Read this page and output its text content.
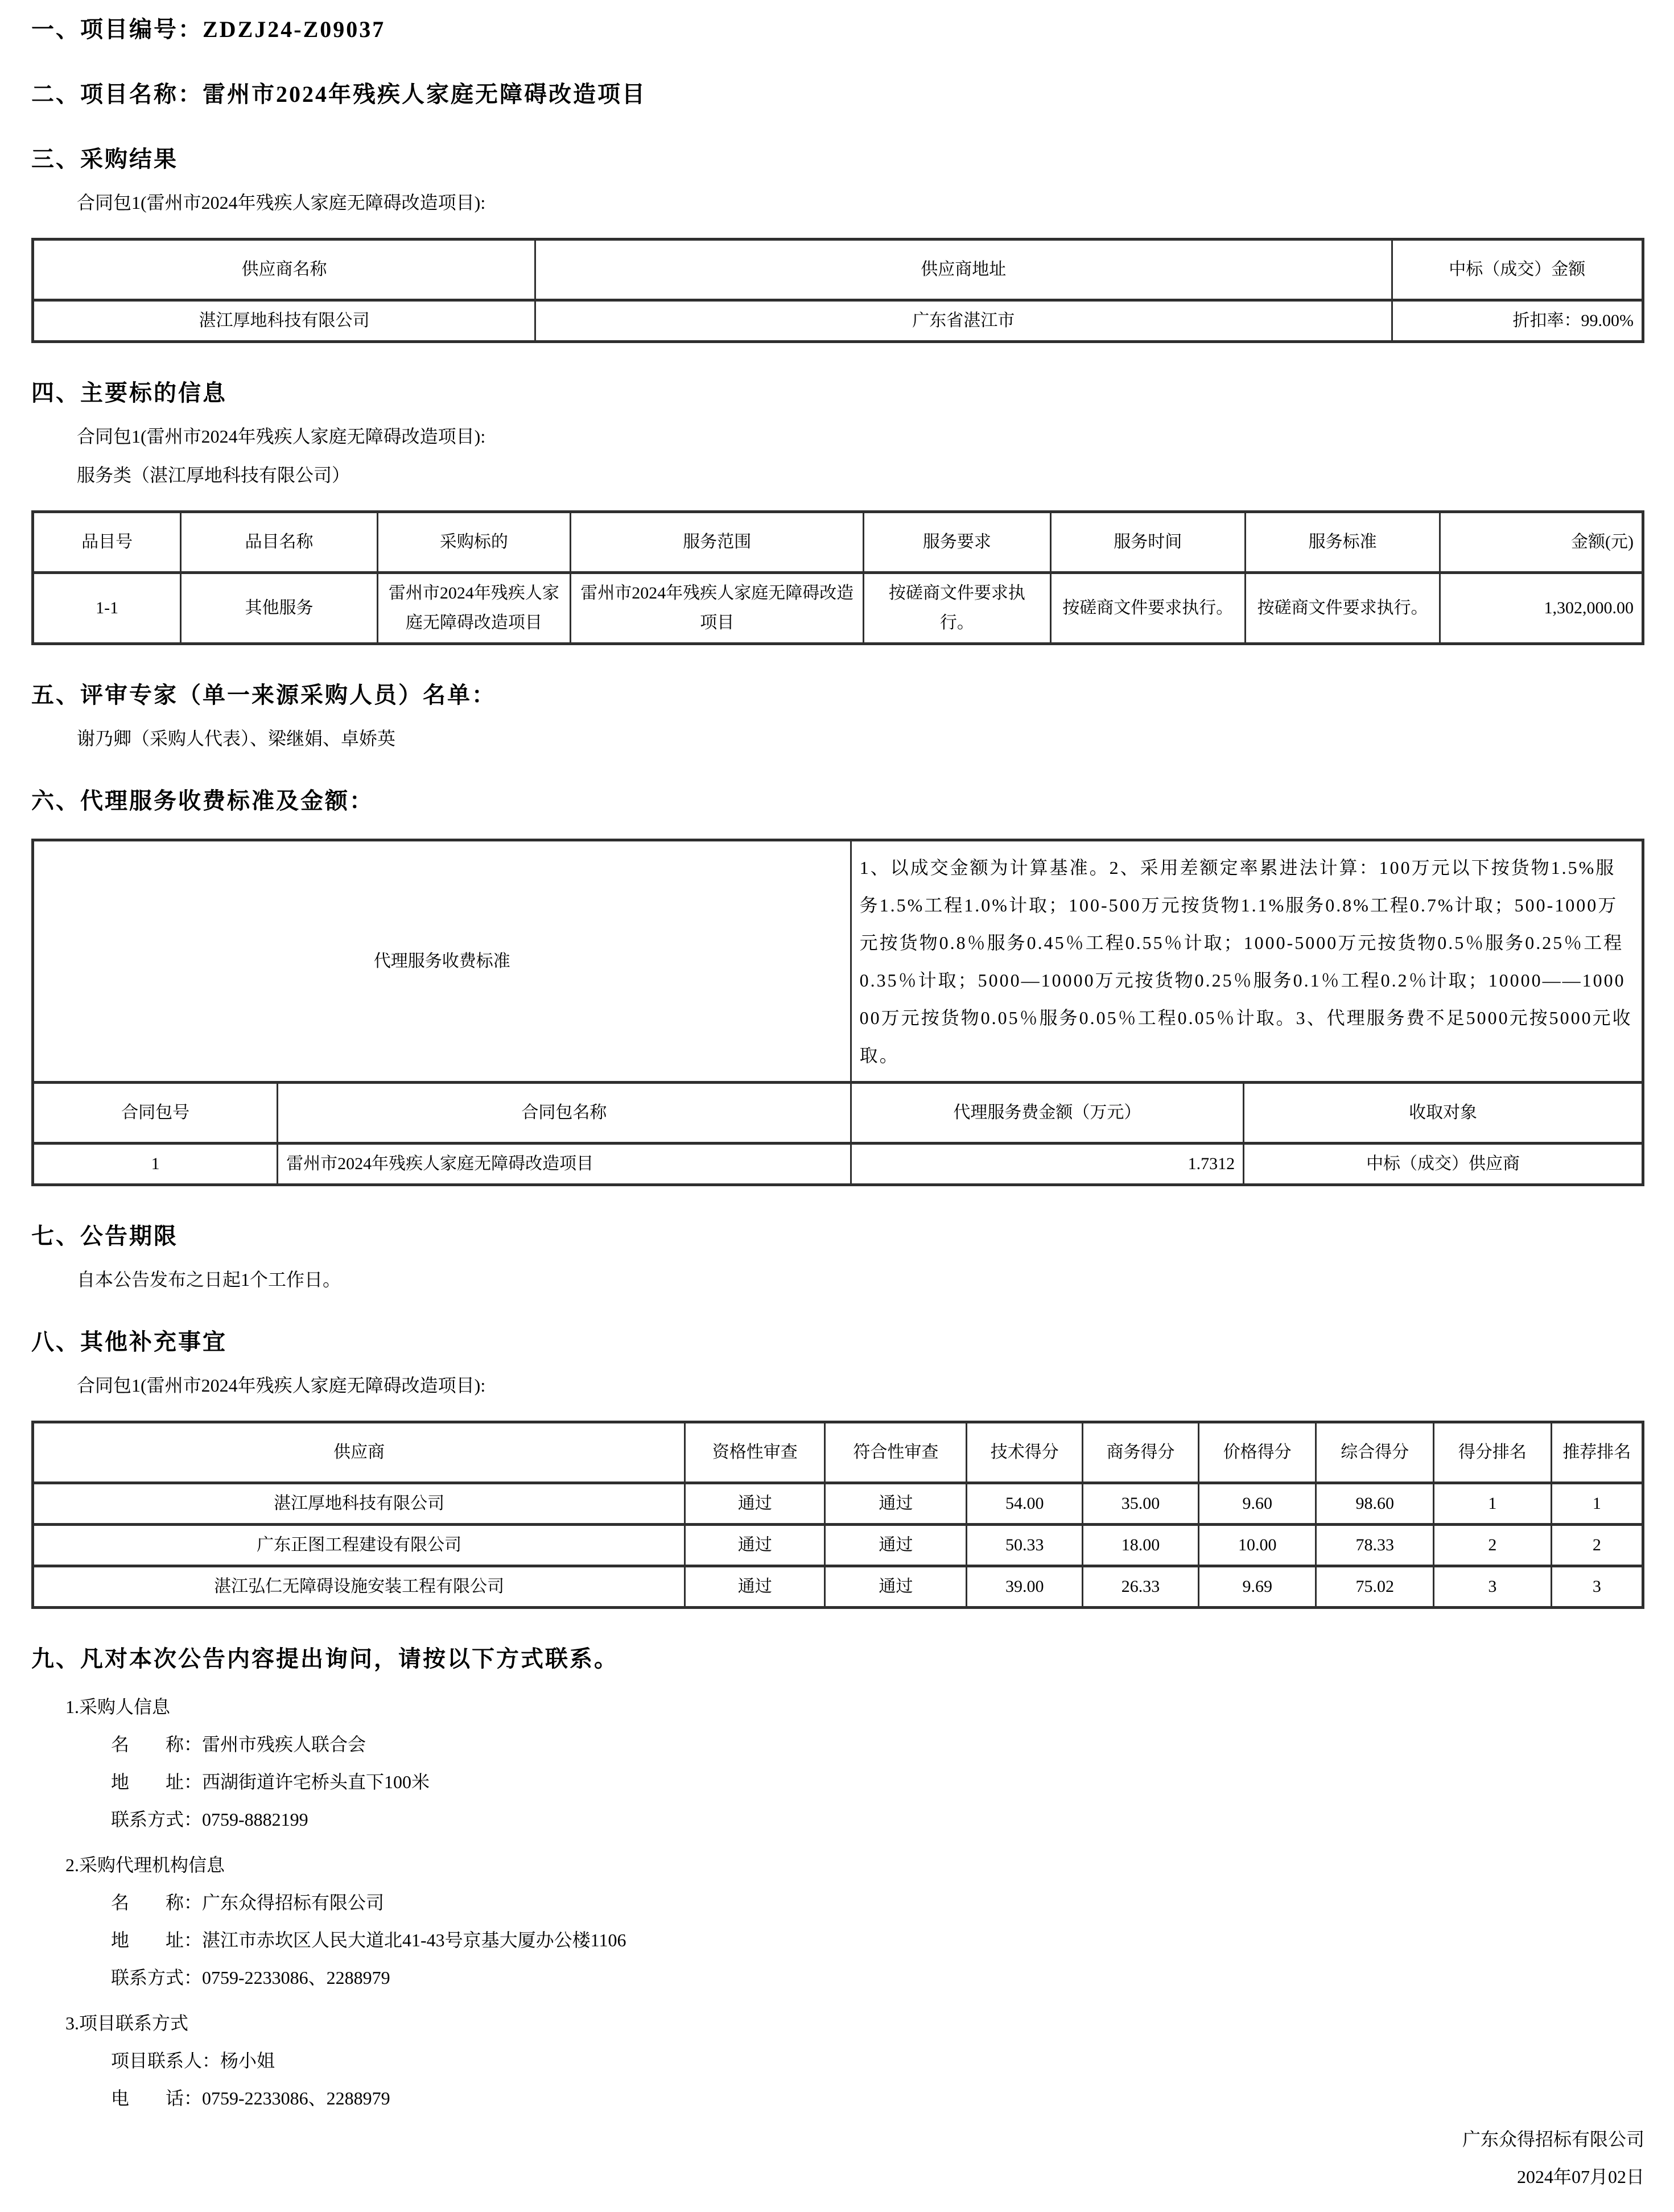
一、项目编号：ZDZJ24-Z09037
二、项目名称：雷州市2024年残疾人家庭无障碍改造项目
三、采购结果

合同包1(雷州市2024年残疾人家庭无障碍改造项目):

供应商名称	供应商地址	中标（成交）金额
湛江厚地科技有限公司	广东省湛江市	折扣率：99.00%
四、主要标的信息

合同包1(雷州市2024年残疾人家庭无障碍改造项目):

服务类（湛江厚地科技有限公司）

品目号	品目名称	采购标的	服务范围	服务要求	服务时间	服务标准	金额(元)
1-1	其他服务	雷州市2024年残疾人家庭无障碍改造项目	雷州市2024年残疾人家庭无障碍改造项目	按磋商文件要求执行。	按磋商文件要求执行。	按磋商文件要求执行。	1,302,000.00
五、评审专家（单一来源采购人员）名单：

谢乃卿（采购人代表）、梁继娟、卓娇英

六、代理服务收费标准及金额：
代理服务收费标准		1、以成交金额为计算基准。2、采用差额定率累进法计算：100万元以下按货物1.5%服务1.5%工程1.0%计取；100-500万元按货物1.1%服务0.8%工程0.7%计取；500-1000万元按货物0.8％服务0.45％工程0.55％计取；1000-5000万元按货物0.5％服务0.25％工程0.35％计取；5000—10000万元按货物0.25％服务0.1％工程0.2％计取；10000——100000万元按货物0.05％服务0.05％工程0.05％计取。3、代理服务费不足5000元按5000元收取。	
合同包号	合同包名称	代理服务费金额（万元）	收取对象
1	雷州市2024年残疾人家庭无障碍改造项目	1.7312	中标（成交）供应商
七、公告期限

自本公告发布之日起1个工作日。

八、其他补充事宜

合同包1(雷州市2024年残疾人家庭无障碍改造项目):

供应商	资格性审查	符合性审查	技术得分	商务得分	价格得分	综合得分	得分排名	推荐排名
湛江厚地科技有限公司	通过	通过	54.00	35.00	9.60	98.60	1	1
广东正图工程建设有限公司	通过	通过	50.33	18.00	10.00	78.33	2	2
湛江弘仁无障碍设施安装工程有限公司	通过	通过	39.00	26.33	9.69	75.02	3	3
九、凡对本次公告内容提出询问，请按以下方式联系。

1.采购人信息

名　　称：雷州市残疾人联合会

地　　址：西湖街道许宅桥头直下100米

联系方式：0759-8882199

2.采购代理机构信息

名　　称：广东众得招标有限公司

地　　址：湛江市赤坎区人民大道北41-43号京基大厦办公楼1106

联系方式：0759-2233086、2288979

3.项目联系方式

项目联系人：杨小姐

电　　话：0759-2233086、2288979

广东众得招标有限公司
2024年07月02日
